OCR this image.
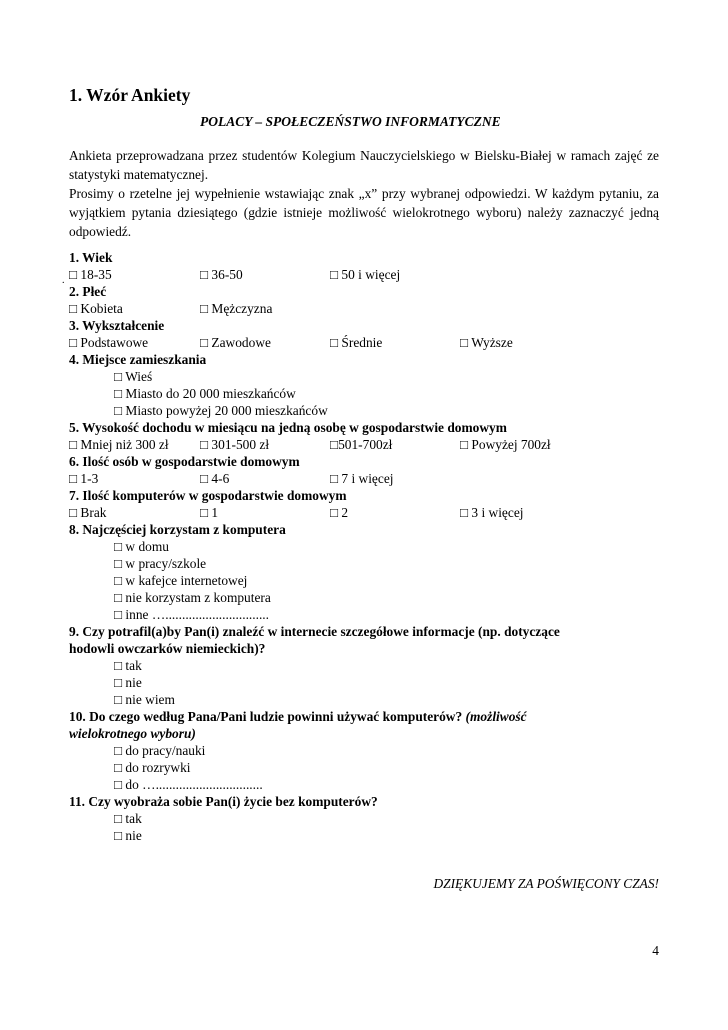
1. Wzór Ankiety
POLACY – SPOŁECZEŃSTWO INFORMATYCZNE

Ankieta przeprowadzana przez studentów Kolegium Nauczycielskiego w Bielsku-Białej w ramach zajęć ze statystyki matematycznej.

Prosimy o rzetelne jej wypełnienie wstawiając znak „x” przy wybranej odpowiedzi. W każdym pytaniu, za wyjątkiem pytania dziesiątego (gdzie istnieje możliwość wielokrotnego wyboru) należy zaznaczyć jedną odpowiedź.

.
1. Wiek
□ 18-35	□ 36-50	□ 50 i więcej
2. Płeć
□ Kobieta	□ Mężczyzna
3. Wykształcenie
□ Podstawowe	□ Zawodowe	□ Średnie	□ Wyższe
4. Miejsce zamieszkania
□ Wieś
□ Miasto do 20 000 mieszkańców
□ Miasto powyżej 20 000 mieszkańców
5. Wysokość dochodu w miesiącu na jedną osobę w gospodarstwie domowym
□ Mniej niż 300 zł □ 301-500 zł	□501-700zł	□ Powyżej 700zł
6. Ilość osób w gospodarstwie domowym
□ 1-3	□ 4-6	□ 7 i więcej
7. Ilość komputerów w gospodarstwie domowym
□ Brak	□ 1	□ 2	□ 3 i więcej
8. Najczęściej korzystam z komputera
□ w domu
□ w pracy/szkole
□ w kafejce internetowej
□ nie korzystam z komputera
□ inne …...............................
9. Czy potrafil(a)by Pan(i) znaleźć w internecie szczegółowe informacje (np. dotyczące
hodowli owczarków niemieckich)?
□ tak
□ nie
□ nie wiem
10. Do czego według Pana/Pani ludzie powinni używać komputerów? (możliwość
wielokrotnego wyboru)
□ do pracy/nauki
□ do rozrywki
□ do …................................
11. Czy wyobraża sobie Pan(i) życie bez komputerów?
□ tak
□ nie
DZIĘKUJEMY ZA POŚWIĘCONY CZAS!
4
